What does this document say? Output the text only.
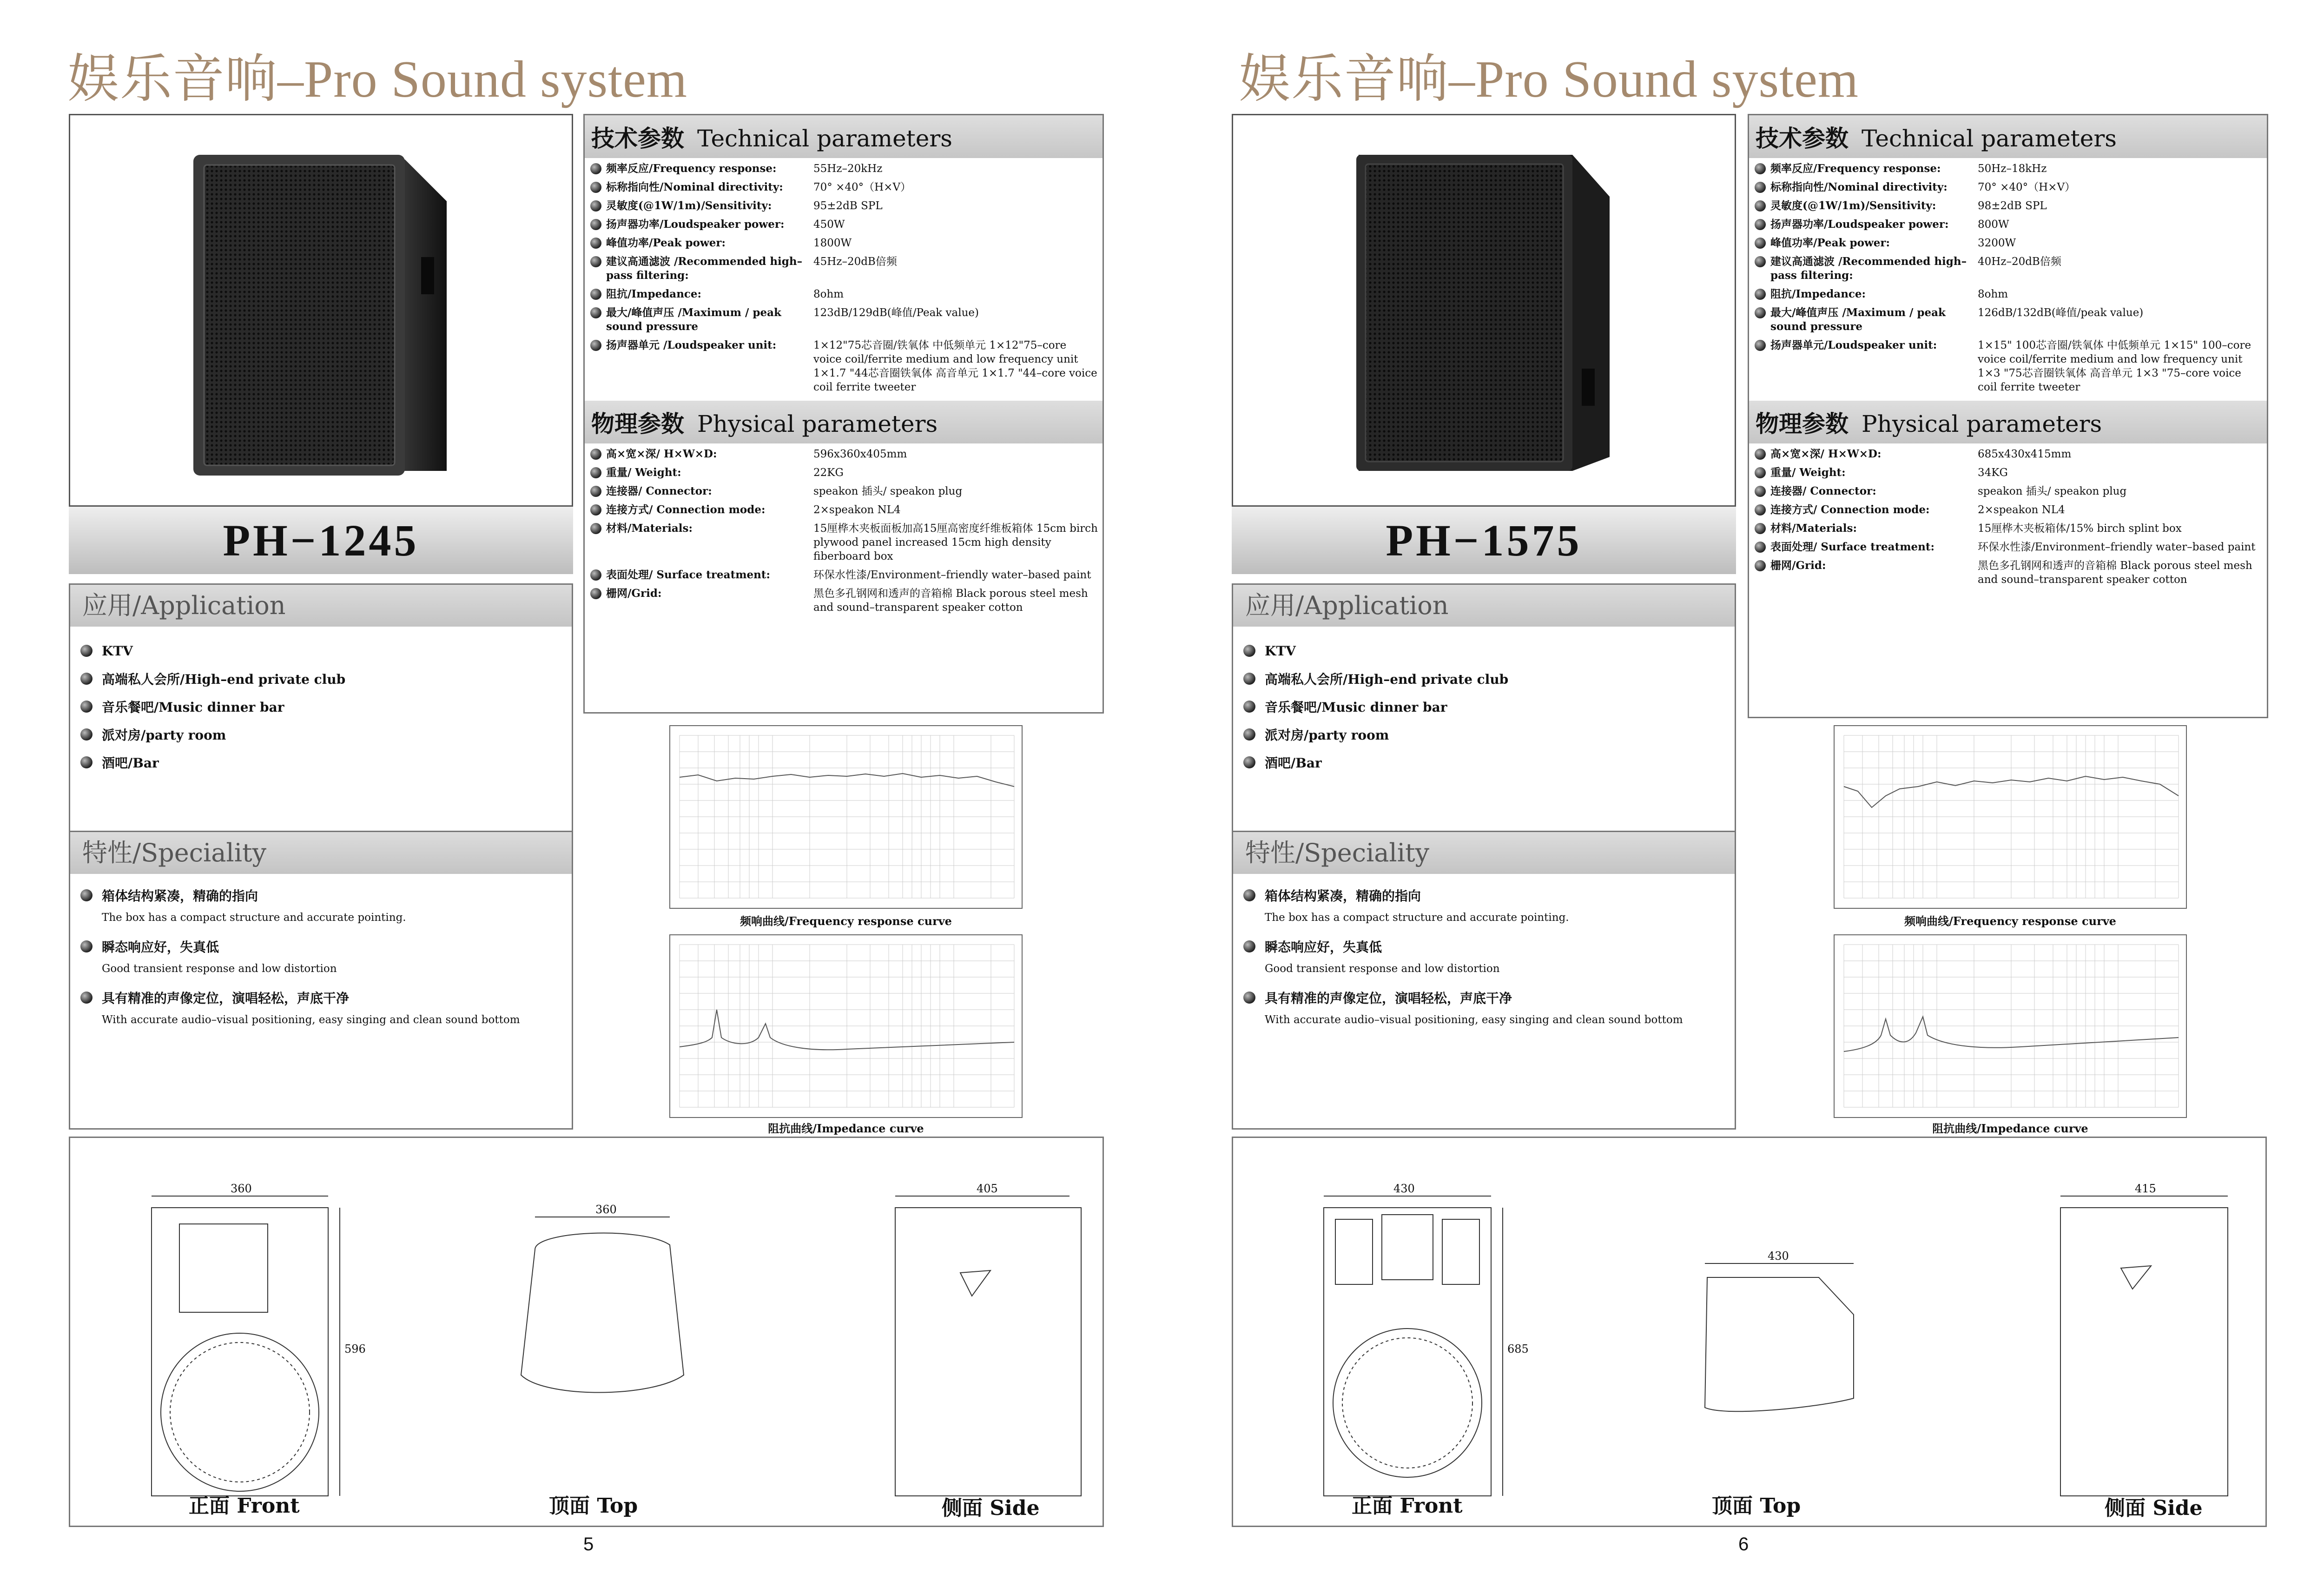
娱乐音响–Pro Sound system
PH−1245
应用/Application
KTV
高端私人会所/High–end private club
音乐餐吧/Music dinner bar
派对房/party room
酒吧/Bar
特性/Speciality
箱体结构紧凑，精确的指向
The box has a compact structure and accurate pointing.
瞬态响应好，失真低
Good transient response and low distortion
具有精准的声像定位，演唱轻松，声底干净
With accurate audio–visual positioning, easy singing and clean sound bottom
技术参数 Technical parameters
频率反应/Frequency response:	55Hz–20kHz
标称指向性/Nominal directivity:	70° ×40°（H×V）
灵敏度(@1W/1m)/Sensitivity:	95±2dB SPL
扬声器功率/Loudspeaker power:	450W
峰值功率/Peak power:	1800W
建议高通滤波 /Recommended high–pass filtering:
45Hz–20dB倍频
阻抗/Impedance:	8ohm
最大/峰值声压 /Maximum / peak sound pressure
123dB/129dB(峰值/Peak value)
扬声器单元 /Loudspeaker unit:	1×12"75芯音圈/铁氧体 中低频单元 1×12"75–core voice coil/ferrite medium and low frequency unit 1×1.7 "44芯音圈铁氧体 高音单元 1×1.7 "44–core voice coil ferrite tweeter
物理参数 Physical parameters
高×宽×深/ H×W×D:	596x360x405mm
重量/ Weight:	22KG
连接器/ Connector:	speakon 插头/ speakon plug
连接方式/ Connection mode:	2×speakon NL4
材料/Materials:	15厘桦木夹板面板加高15厘高密度纤维板箱体 15cm birch plywood panel increased 15cm high density fiberboard box
表面处理/ Surface treatment:	环保水性漆/Environment–friendly water–based paint
栅网/Grid:	黑色多孔钢网和透声的音箱棉 Black porous steel mesh and sound–transparent speaker cotton
频响曲线/Frequency response curve
阻抗曲线/Impedance curve
正面 Front	顶面 Top	侧面 Side
360
596
360
405
5
娱乐音响–Pro Sound system
PH−1575
应用/Application
KTV
高端私人会所/High–end private club
音乐餐吧/Music dinner bar
派对房/party room
酒吧/Bar
特性/Speciality
箱体结构紧凑，精确的指向
The box has a compact structure and accurate pointing.
瞬态响应好，失真低
Good transient response and low distortion
具有精准的声像定位，演唱轻松，声底干净
With accurate audio–visual positioning, easy singing and clean sound bottom
技术参数 Technical parameters
频率反应/Frequency response:	50Hz–18kHz
标称指向性/Nominal directivity:	70° ×40°（H×V）
灵敏度(@1W/1m)/Sensitivity:	98±2dB SPL
扬声器功率/Loudspeaker power:	800W
峰值功率/Peak power:	3200W
建议高通滤波 /Recommended high–pass filtering:
40Hz–20dB倍频
阻抗/Impedance:	8ohm
最大/峰值声压 /Maximum / peak sound pressure
126dB/132dB(峰值/peak value)
扬声器单元/Loudspeaker unit:	1×15" 100芯音圈/铁氧体 中低频单元 1×15" 100–core voice coil/ferrite medium and low frequency unit 1×3 "75芯音圈铁氧体 高音单元 1×3 "75–core voice coil ferrite tweeter
物理参数 Physical parameters
高×宽×深/ H×W×D:	685x430x415mm
重量/ Weight:	34KG
连接器/ Connector:	speakon 插头/ speakon plug
连接方式/ Connection mode:	2×speakon NL4
材料/Materials:	15厘桦木夹板箱体/15% birch splint box
表面处理/ Surface treatment:	环保水性漆/Environment–friendly water–based paint
栅网/Grid:	黑色多孔钢网和透声的音箱棉 Black porous steel mesh and sound–transparent speaker cotton
频响曲线/Frequency response curve
阻抗曲线/Impedance curve
正面 Front	顶面 Top	侧面 Side
430
685
430
415
6
